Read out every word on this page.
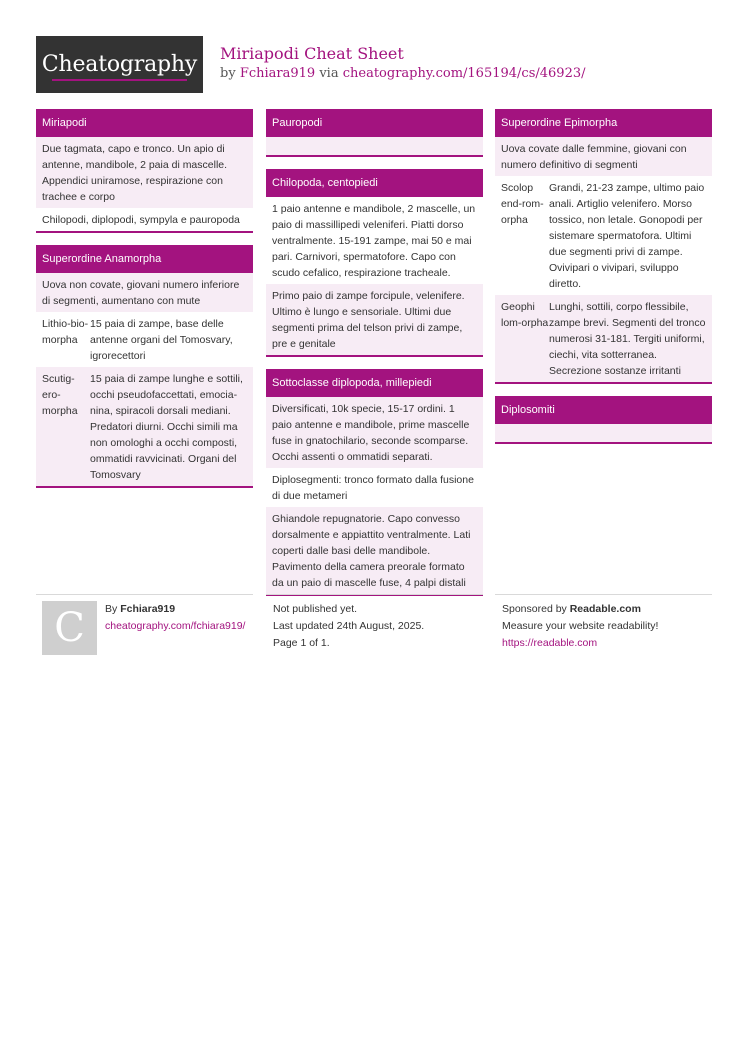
Cheatography Miriapodi Cheat Sheet
by Fchiara919 via cheatography.com/165194/cs/46923/
Miriapodi
Due tagmata, capo e tronco. Un apio di antenne, mandibole, 2 paia di mascelle. Appendici uniramose, respirazione con trachee e corpo
Chilopodi, diplopodi, sympyla e pauropoda
Superordine Anamorpha
Uova non covate, giovani numero inferiore di segmenti, aumentano con mute
Lithio-bio-morpha
15 paia di zampe, base delle antenne organi del Tomosvary, igrorecettori
Scutig-ero-morpha
15 paia di zampe lunghe e sottili, occhi pseudofaccettati, emocia-nina, spiracoli dorsali mediani. Predatori diurni. Occhi simili ma non omologhi a occhi composti, ommatidi ravvicinati. Organi del Tomosvary
Pauropodi
Chilopoda, centopiedi
1 paio antenne e mandibole, 2 mascelle, un paio di massillipedi veleniferi. Piatti dorso ventralmente. 15-191 zampe, mai 50 e mai pari. Carnivori, spermatofore. Capo con scudo cefalico, respirazione tracheale.
Primo paio di zampe forcipule, velenifere. Ultimo è lungo e sensoriale. Ultimi due segmenti prima del telson privi di zampe, pre e genitale
Sottoclasse diplopoda, millepiedi
Diversificati, 10k specie, 15-17 ordini. 1 paio antenne e mandibole, prime mascelle fuse in gnatochilario, seconde scomparse. Occhi assenti o ommatidi separati.
Diplosegmenti: tronco formato dalla fusione di due metameri
Ghiandole repugnatorie. Capo convesso dorsalmente e appiattito ventralmente. Lati coperti dalle basi delle mandibole. Pavimento della camera preorale formato da un paio di mascelle fuse, 4 palpi distali
Superordine Epimorpha
Uova covate dalle femmine, giovani con numero definitivo di segmenti
Scolop end-rom-orpha
Grandi, 21-23 zampe, ultimo paio anali. Artiglio velenifero. Morso tossico, non letale. Gonopodi per sistemare spermatofora. Ultimi due segmenti privi di zampe. Ovivipari o vivipari, sviluppo diretto.
Geophi lom-orpha
Lunghi, sottili, corpo flessibile, zampe brevi. Segmenti del tronco numerosi 31-181. Tergiti uniformi, ciechi, vita sotterranea. Secrezione sostanze irritanti
Diplosomiti
C By Fchiara919
cheatography.com/fchiara919/
Not published yet.
Last updated 24th August, 2025.
Page 1 of 1.
Sponsored by Readable.com
Measure your website readability!
https://readable.com
